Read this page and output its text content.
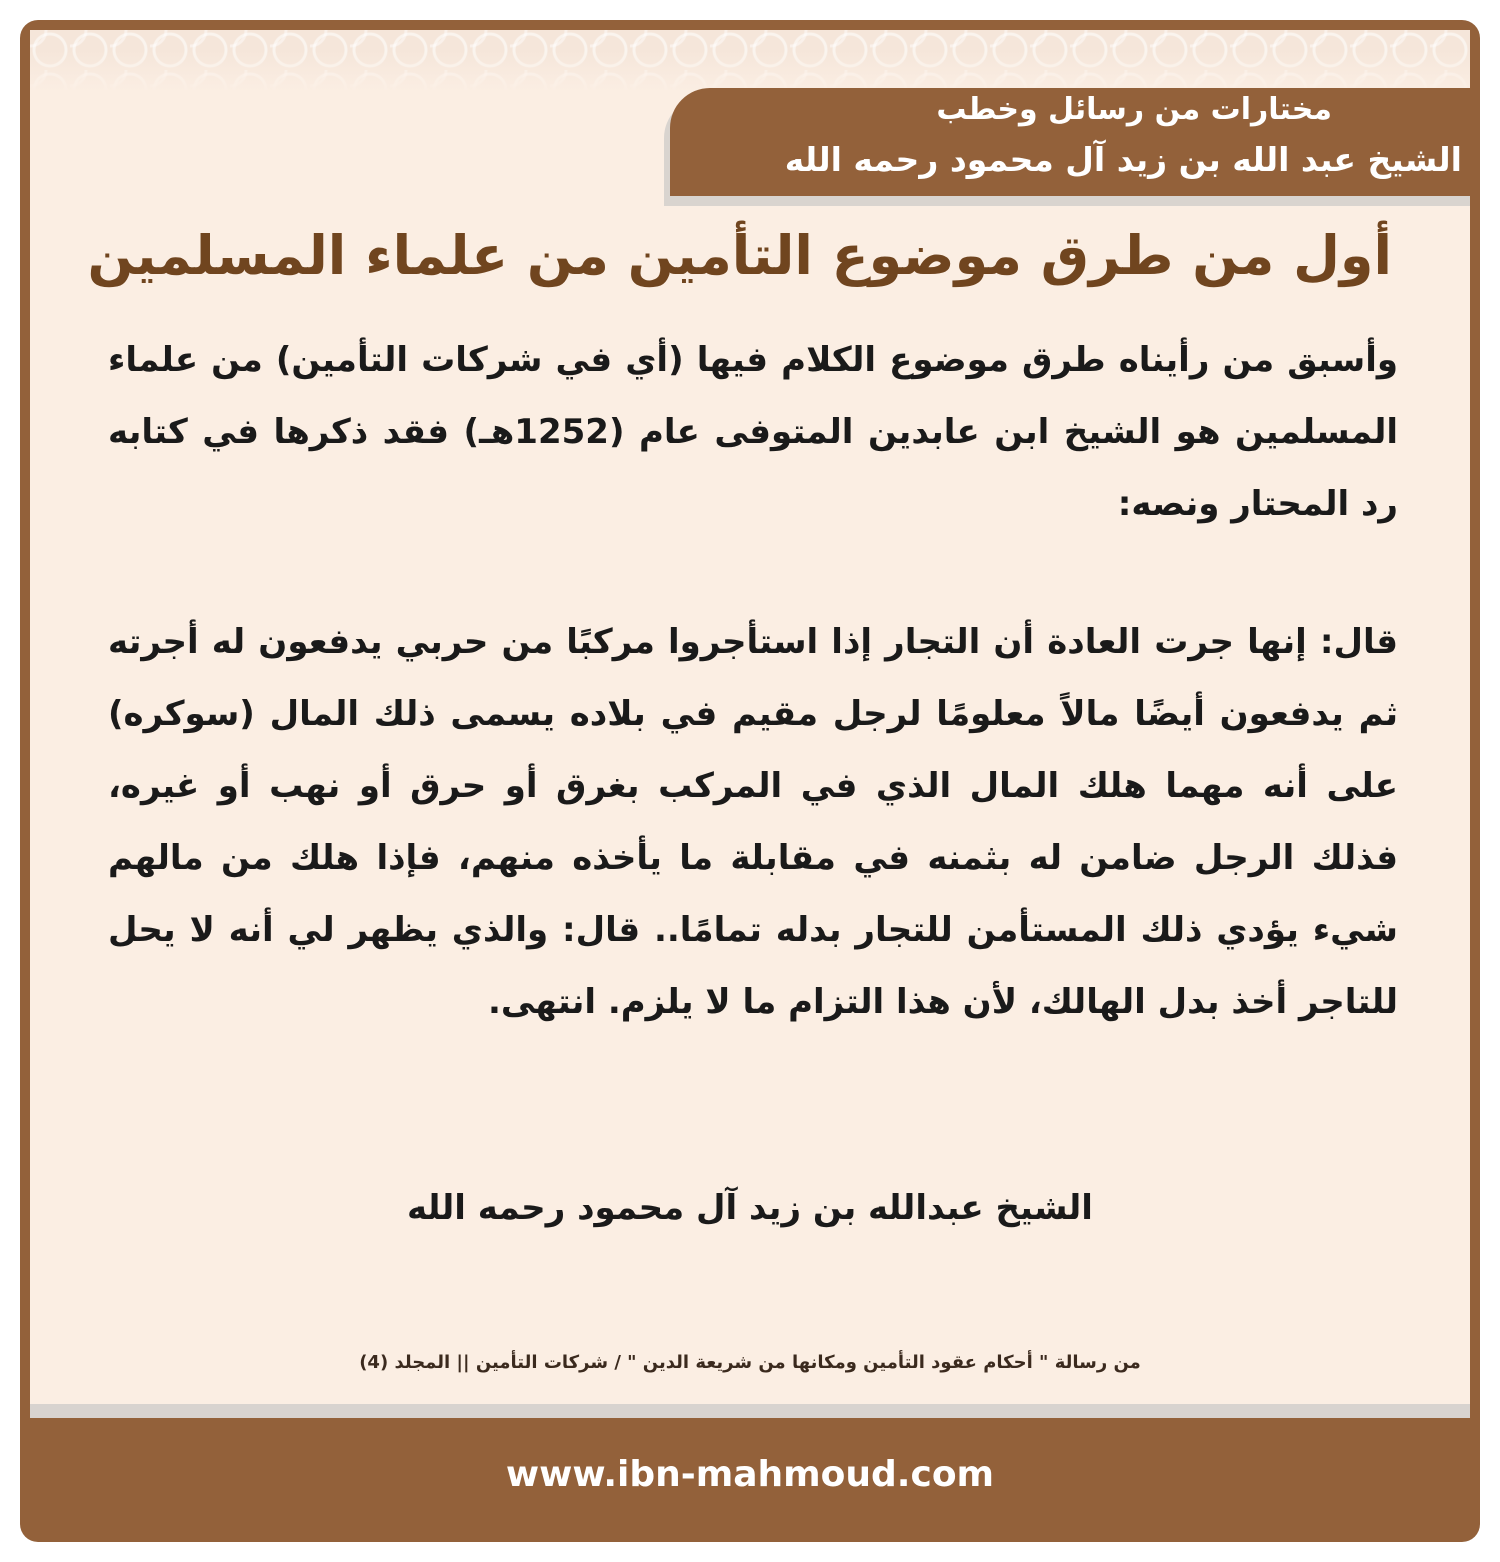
مختارات من رسائل وخطب
الشيخ عبد الله بن زيد آل محمود رحمه الله
أول من طرق موضوع التأمين من علماء المسلمين
وأسبق من رأيناه طرق موضوع الكلام فيها (أي في شركات التأمين) من علماء المسلمين هو الشيخ ابن عابدين المتوفى عام (1252هـ) فقد ذكرها في كتابه رد المحتار ونصه:
قال: إنها جرت العادة أن التجار إذا استأجروا مركبًا من حربي يدفعون له أجرته ثم يدفعون أيضًا مالاً معلومًا لرجل مقيم في بلاده يسمى ذلك المال (سوكره) على أنه مهما هلك المال الذي في المركب بغرق أو حرق أو نهب أو غيره، فذلك الرجل ضامن له بثمنه في مقابلة ما يأخذه منهم، فإذا هلك من مالهم شيء يؤدي ذلك المستأمن للتجار بدله تمامًا.. قال: والذي يظهر لي أنه لا يحل للتاجر أخذ بدل الهالك، لأن هذا التزام ما لا يلزم. انتهى.
الشيخ عبدالله بن زيد آل محمود رحمه الله
من رسالة " أحكام عقود التأمين ومكانها من شريعة الدين " / شركات التأمين || المجلد (4)
www.ibn-mahmoud.com
